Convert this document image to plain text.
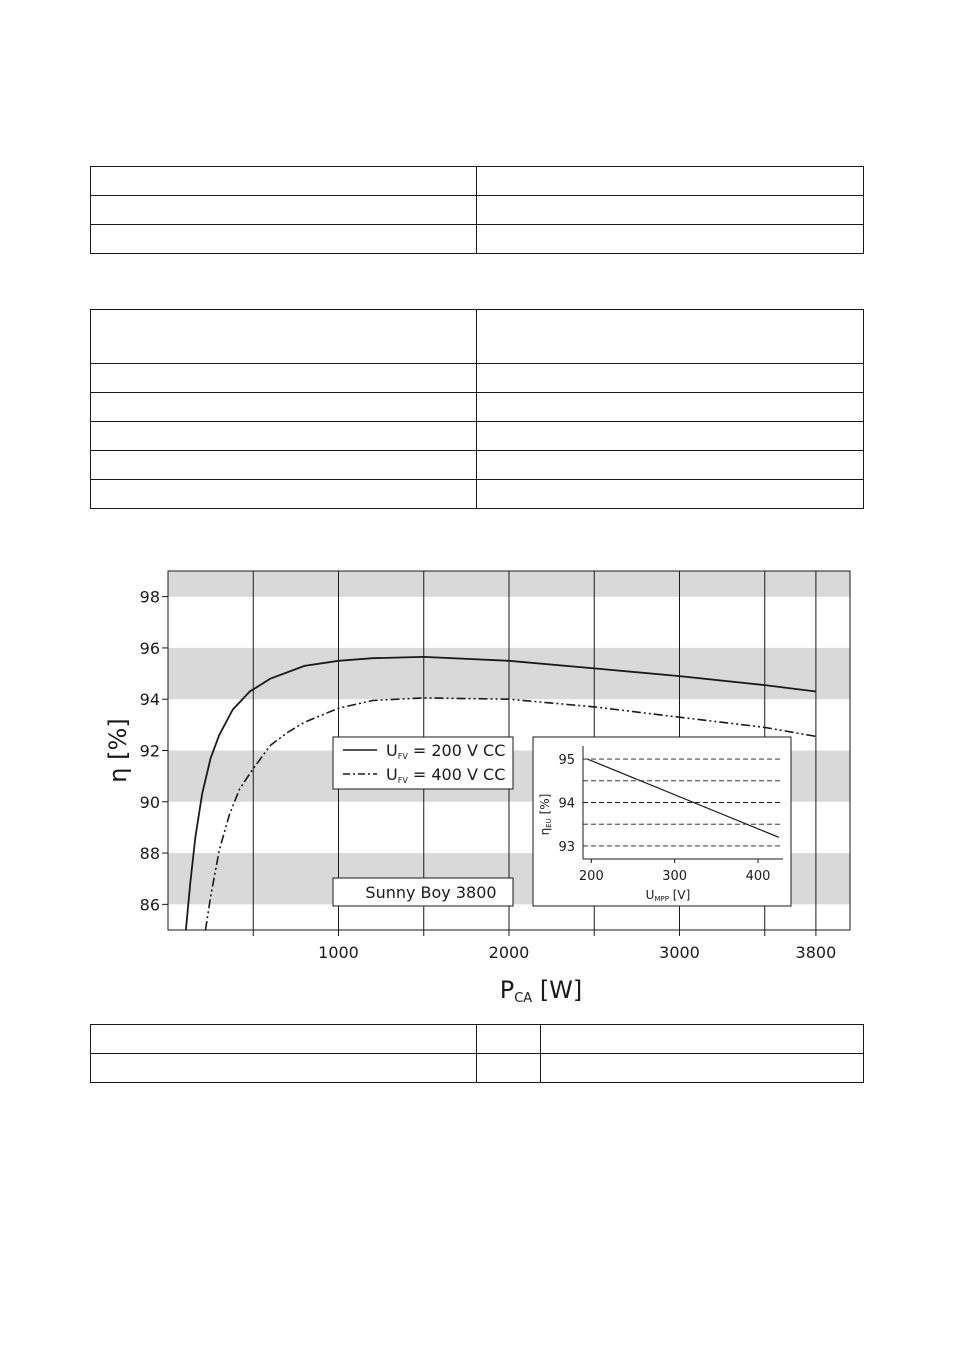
86
88
90
92
94
96
98
1000	2000	3000	3800
η [%]
PCA [W]
UFV = 200 V CC
UFV = 400 V CC
Sunny Boy 3800
93
94
95
200	300	400
UMPP [V]
ηEU [%]
